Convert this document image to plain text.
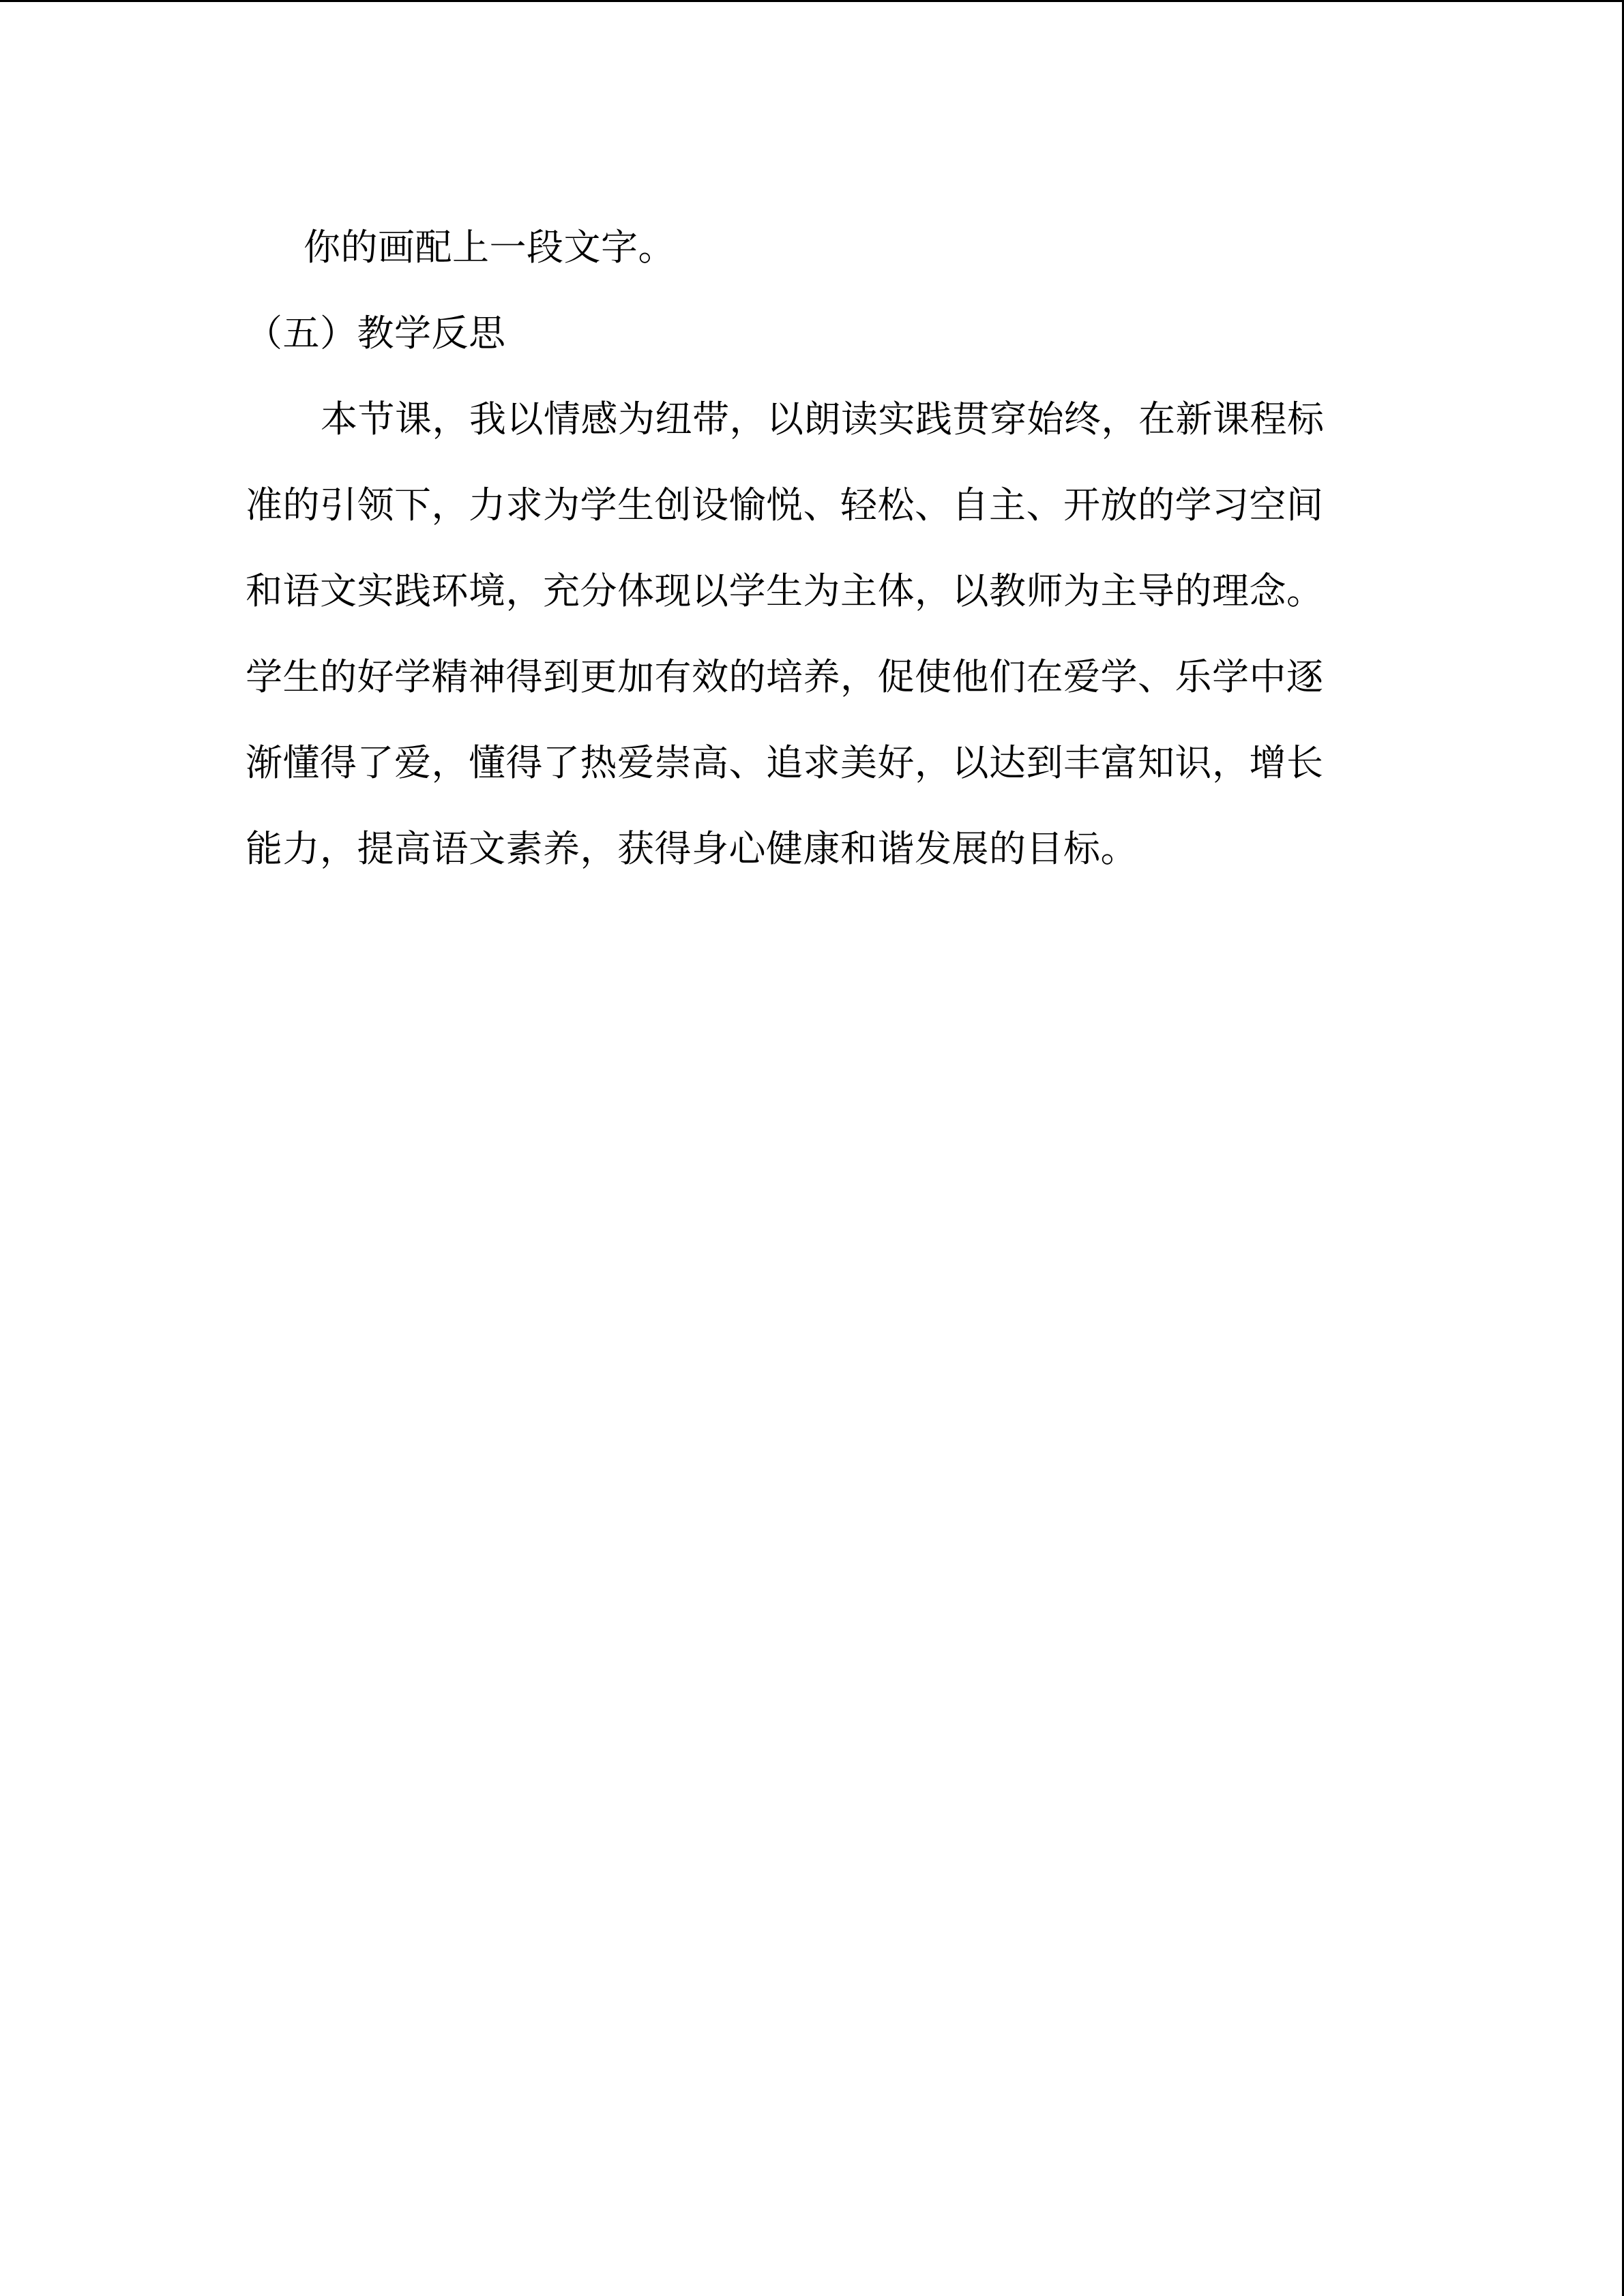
你的画配上一段文字。
（五）教学反思
本节课，我以情感为纽带，以朗读实践贯穿始终，在新课程标
准的引领下，力求为学生创设愉悦、轻松、自主、开放的学习空间
和语文实践环境，充分体现以学生为主体，以教师为主导的理念。
学生的好学精神得到更加有效的培养，促使他们在爱学、乐学中逐
渐懂得了爱，懂得了热爱崇高、追求美好，以达到丰富知识，增长
能力，提高语文素养，获得身心健康和谐发展的目标。
